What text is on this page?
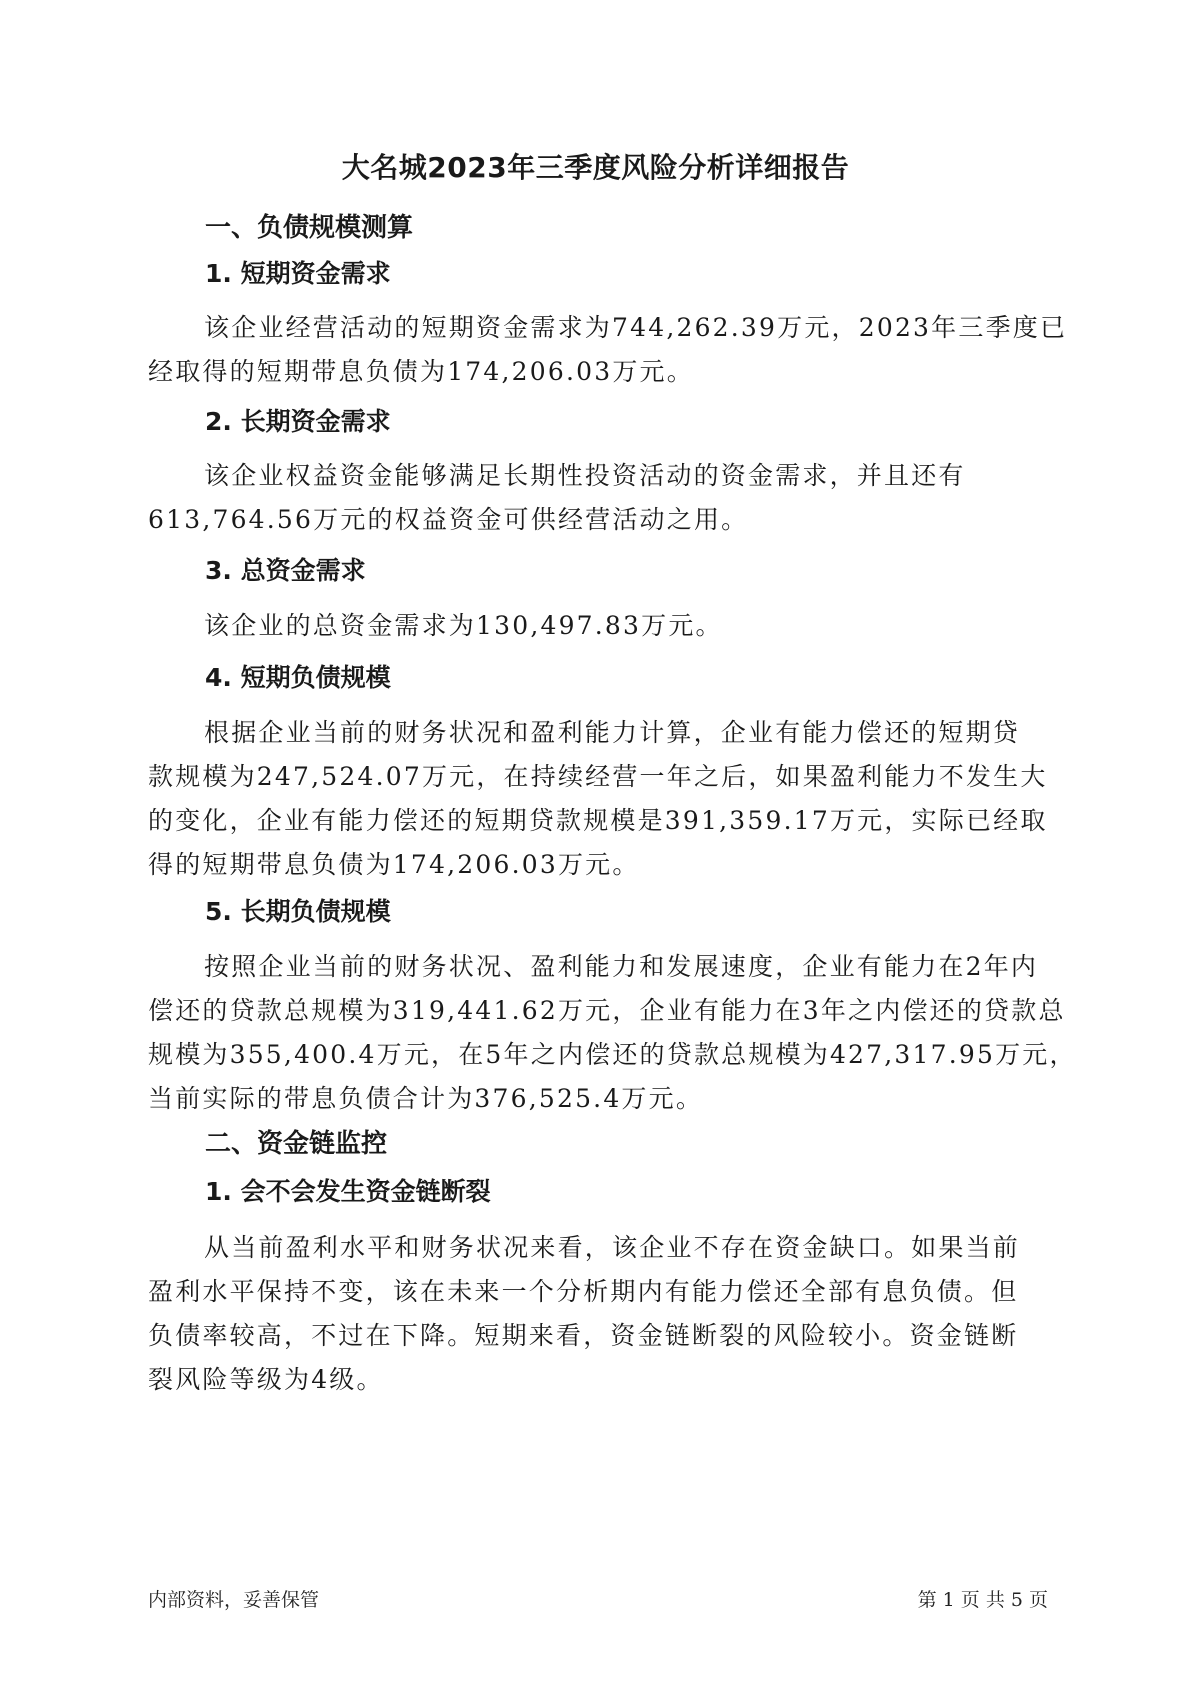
大名城2023年三季度风险分析详细报告
一、负债规模测算
1. 短期资金需求

该企业经营活动的短期资金需求为744,262.39万元，2023年三季度已
经取得的短期带息负债为174,206.03万元。

2. 长期资金需求

该企业权益资金能够满足长期性投资活动的资金需求，并且还有
613,764.56万元的权益资金可供经营活动之用。

3. 总资金需求

该企业的总资金需求为130,497.83万元。

4. 短期负债规模

根据企业当前的财务状况和盈利能力计算，企业有能力偿还的短期贷
款规模为247,524.07万元，在持续经营一年之后，如果盈利能力不发生大
的变化，企业有能力偿还的短期贷款规模是391,359.17万元，实际已经取
得的短期带息负债为174,206.03万元。

5. 长期负债规模

按照企业当前的财务状况、盈利能力和发展速度，企业有能力在2年内
偿还的贷款总规模为319,441.62万元，企业有能力在3年之内偿还的贷款总
规模为355,400.4万元，在5年之内偿还的贷款总规模为427,317.95万元，
当前实际的带息负债合计为376,525.4万元。

二、资金链监控
1. 会不会发生资金链断裂

从当前盈利水平和财务状况来看，该企业不存在资金缺口。如果当前
盈利水平保持不变，该在未来一个分析期内有能力偿还全部有息负债。但
负债率较高，不过在下降。短期来看，资金链断裂的风险较小。资金链断
裂风险等级为4级。

内部资料，妥善保管	第 1 页 共 5 页
